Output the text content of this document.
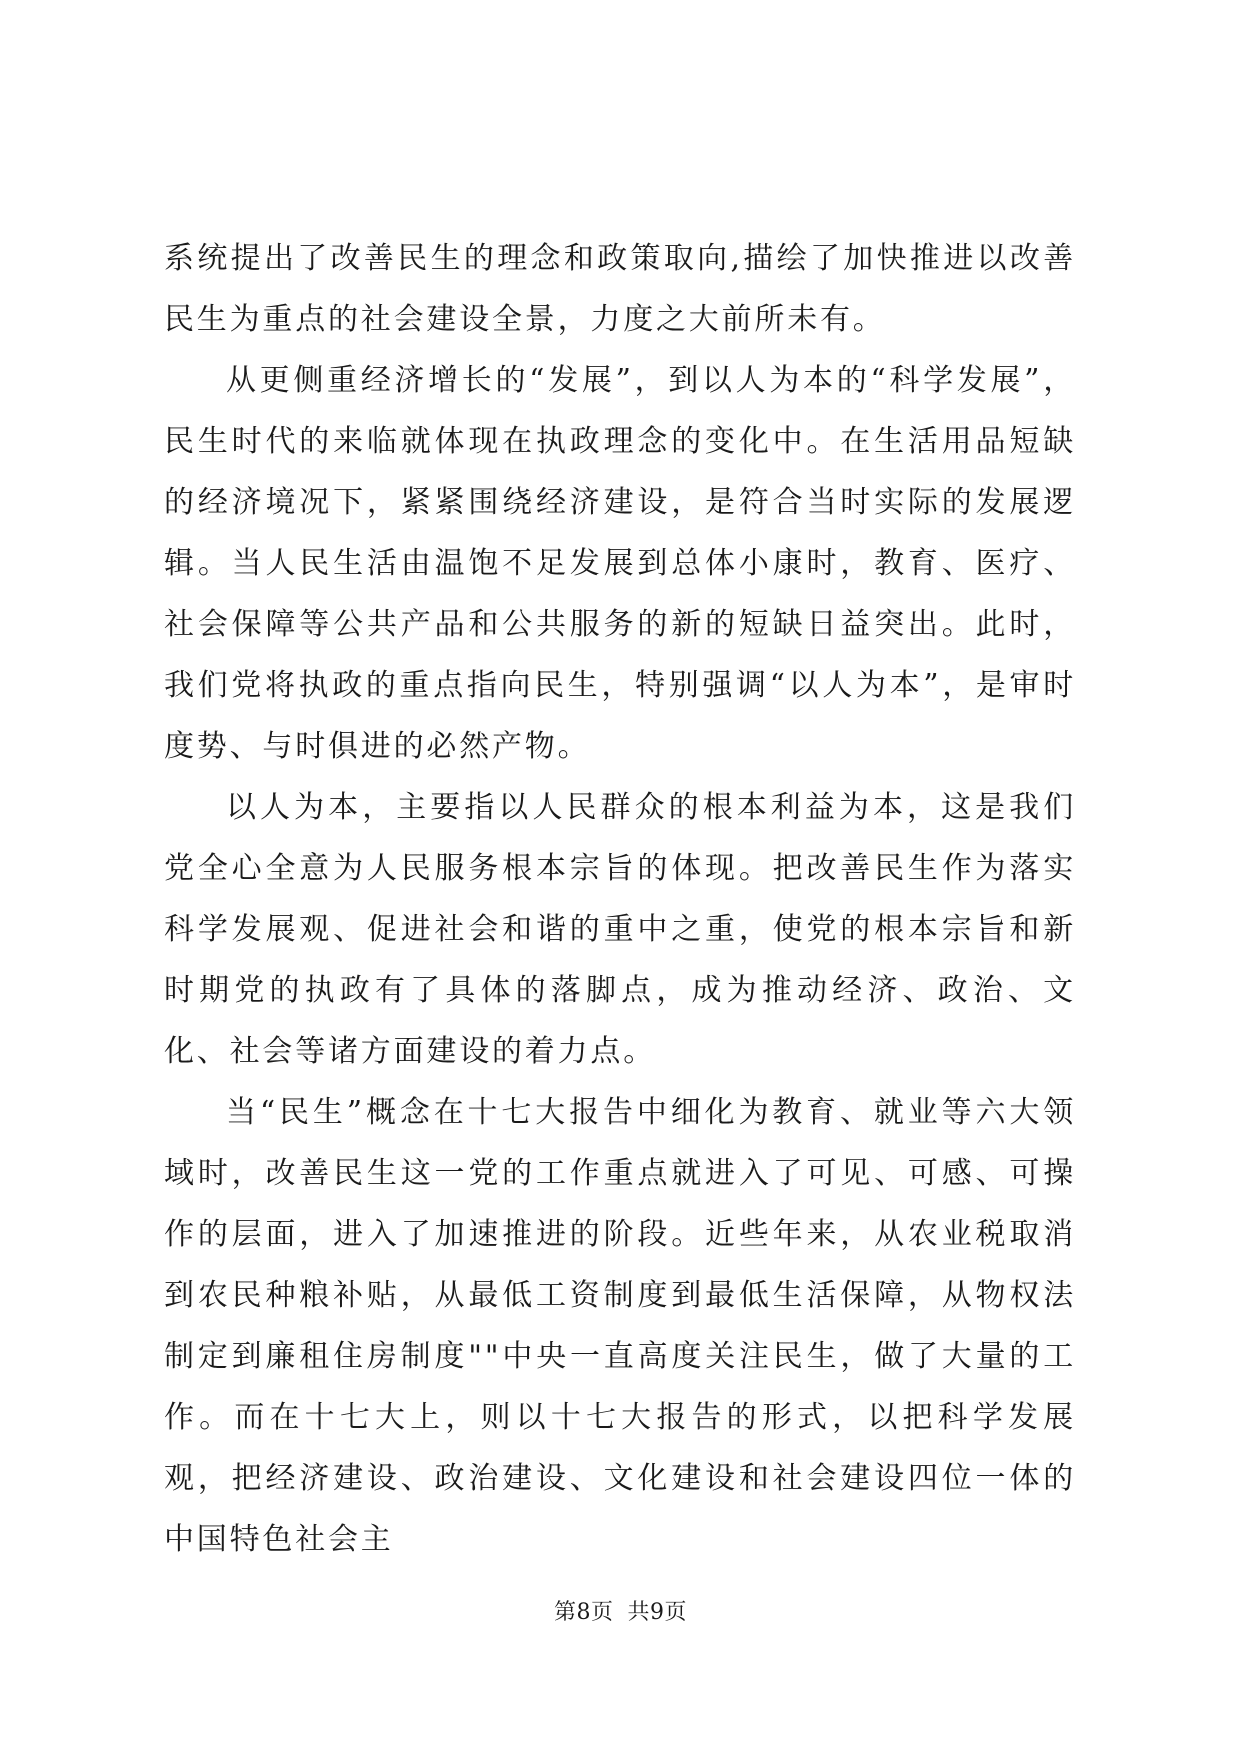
系统提出了改善民生的理念和政策取向,描绘了加快推进以改善民生为重点的社会建设全景，力度之大前所未有。

从更侧重经济增长的“发展”，到以人为本的“科学发展”，民生时代的来临就体现在执政理念的变化中。在生活用品短缺的经济境况下，紧紧围绕经济建设，是符合当时实际的发展逻辑。当人民生活由温饱不足发展到总体小康时，教育、医疗、社会保障等公共产品和公共服务的新的短缺日益突出。此时，我们党将执政的重点指向民生，特别强调“以人为本”，是审时度势、与时俱进的必然产物。

以人为本，主要指以人民群众的根本利益为本，这是我们党全心全意为人民服务根本宗旨的体现。把改善民生作为落实科学发展观、促进社会和谐的重中之重，使党的根本宗旨和新时期党的执政有了具体的落脚点，成为推动经济、政治、文化、社会等诸方面建设的着力点。

当“民生”概念在十七大报告中细化为教育、就业等六大领域时，改善民生这一党的工作重点就进入了可见、可感、可操作的层面，进入了加速推进的阶段。近些年来，从农业税取消到农民种粮补贴，从最低工资制度到最低生活保障，从物权法制定到廉租住房制度""中央一直高度关注民生，做了大量的工作。而在十七大上，则以十七大报告的形式，以把科学发展观，把经济建设、政治建设、文化建设和社会建设四位一体的中国特色社会主

第8页 共9页
